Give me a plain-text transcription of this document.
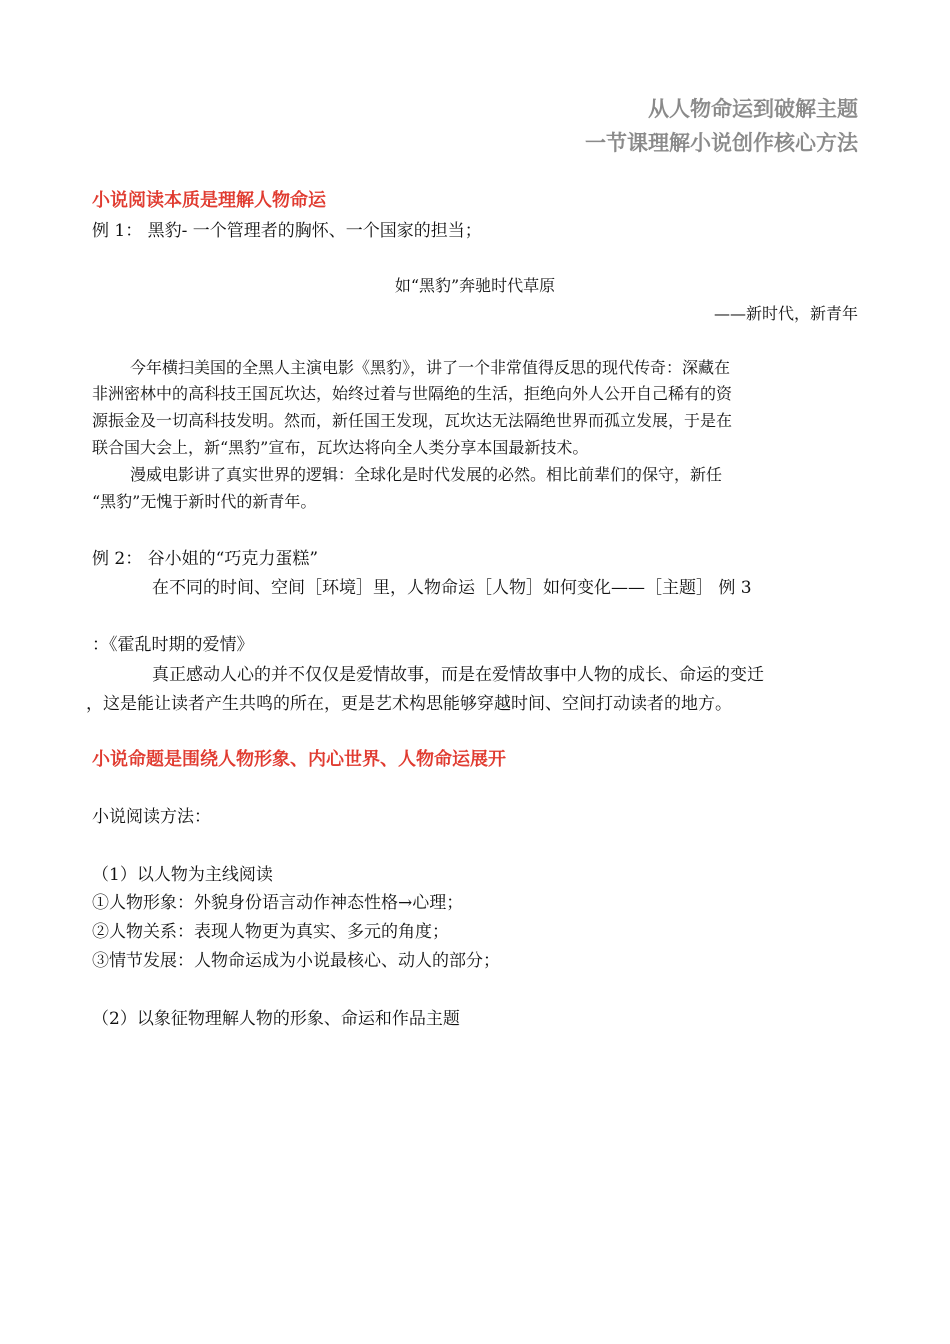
从人物命运到破解主题
一节课理解小说创作核心方法
小说阅读本质是理解人物命运
例 1： 黑豹- 一个管理者的胸怀、一个国家的担当；
如“黑豹”奔驰时代草原
——新时代，新青年
今年横扫美国的全黑人主演电影《黑豹》，讲了一个非常值得反思的现代传奇：深藏在
非洲密林中的高科技王国瓦坎达，始终过着与世隔绝的生活，拒绝向外人公开自己稀有的资
源振金及一切高科技发明。然而，新任国王发现，瓦坎达无法隔绝世界而孤立发展，于是在
联合国大会上，新“黑豹”宣布，瓦坎达将向全人类分享本国最新技术。
漫威电影讲了真实世界的逻辑：全球化是时代发展的必然。相比前辈们的保守，新任
“黑豹”无愧于新时代的新青年。
例 2： 谷小姐的“巧克力蛋糕”
在不同的时间、空间［环境］里，人物命运［人物］如何变化——［主题］ 例 3
：《霍乱时期的爱情》
真正感动人心的并不仅仅是爱情故事，而是在爱情故事中人物的成长、命运的变迁
，这是能让读者产生共鸣的所在，更是艺术构思能够穿越时间、空间打动读者的地方。
小说命题是围绕人物形象、内心世界、人物命运展开
小说阅读方法：
（1）以人物为主线阅读
①人物形象：外貌身份语言动作神态性格→心理；
②人物关系：表现人物更为真实、多元的角度；
③情节发展：人物命运成为小说最核心、动人的部分；
（2）以象征物理解人物的形象、命运和作品主题
